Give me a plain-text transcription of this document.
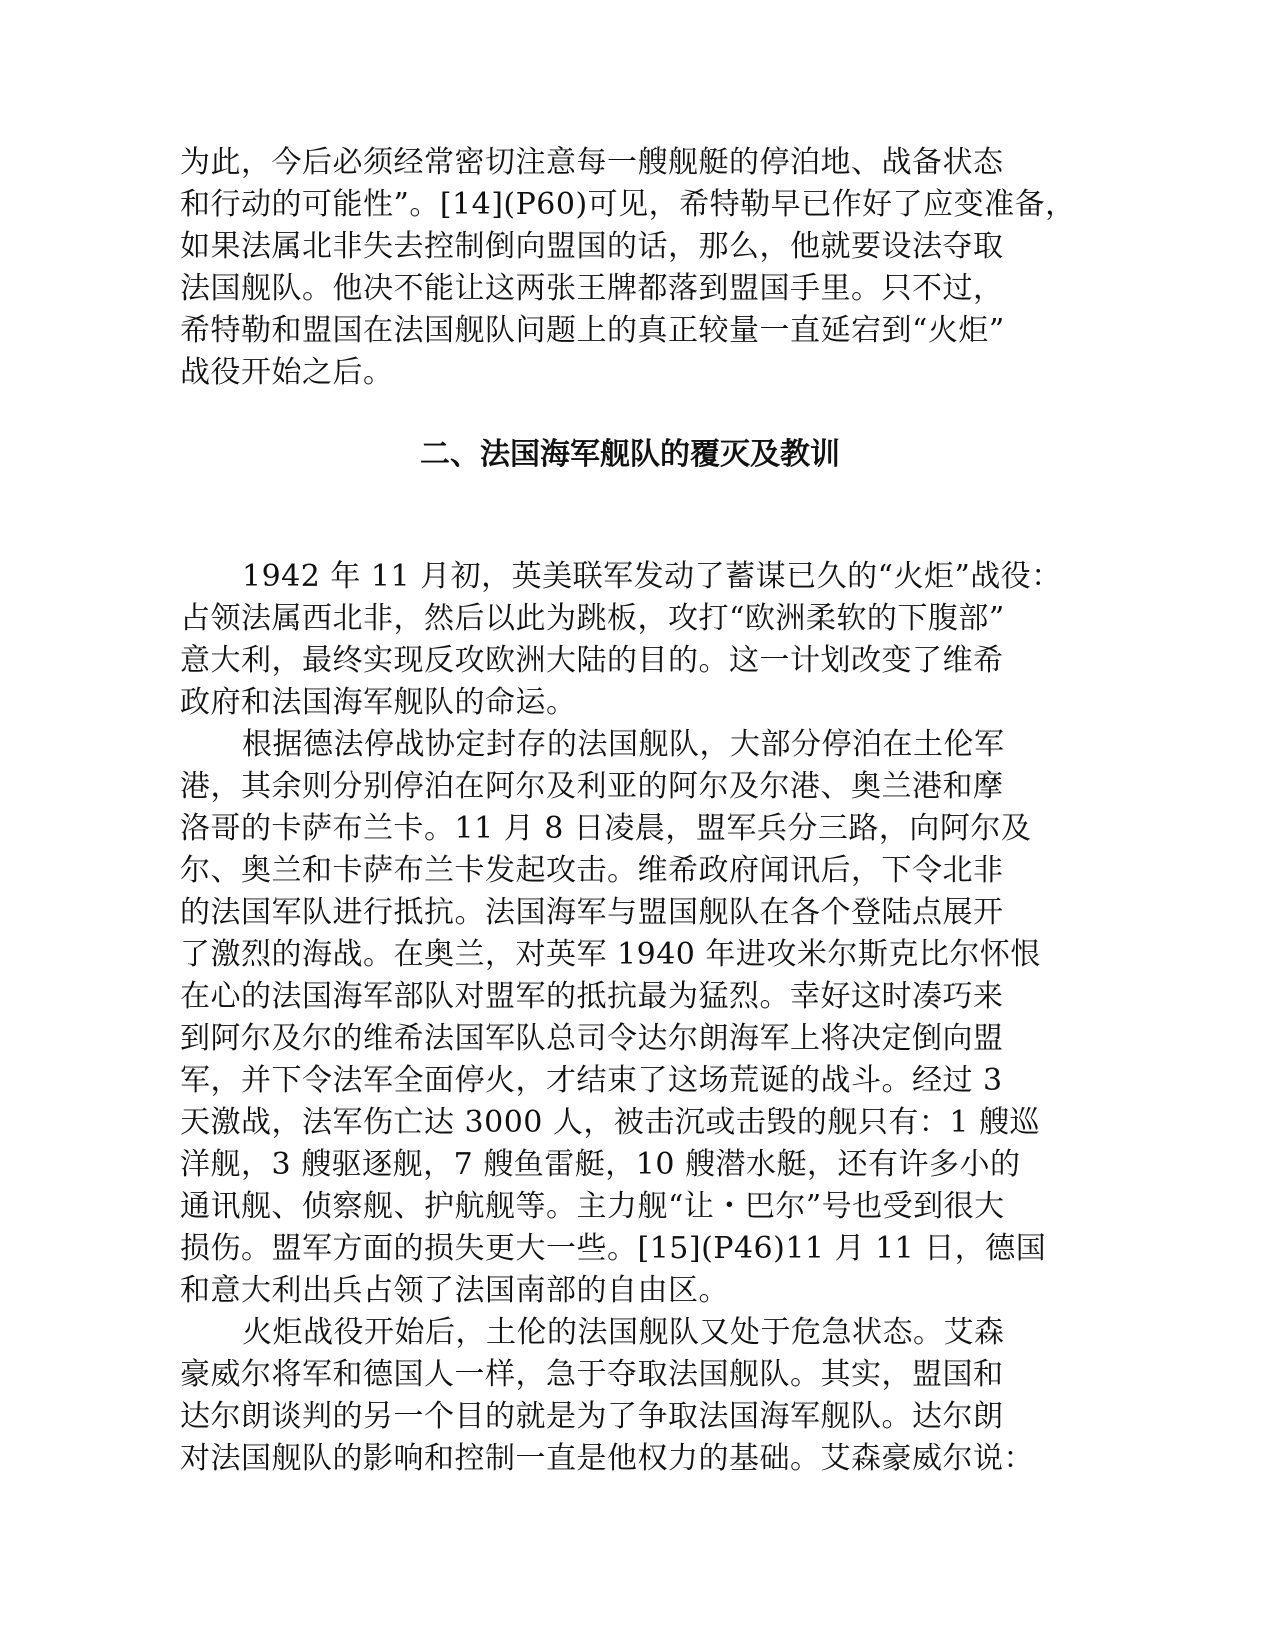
为此，今后必须经常密切注意每一艘舰艇的停泊地、战备状态
和行动的可能性”。[14](P60)可见，希特勒早已作好了应变准备，
如果法属北非失去控制倒向盟国的话，那么，他就要设法夺取
法国舰队。他决不能让这两张王牌都落到盟国手里。只不过，
希特勒和盟国在法国舰队问题上的真正较量一直延宕到“火炬”
战役开始之后。
二、法国海军舰队的覆灭及教训
1942 年 11 月初，英美联军发动了蓄谋已久的“火炬”战役：
占领法属西北非，然后以此为跳板，攻打“欧洲柔软的下腹部”
意大利，最终实现反攻欧洲大陆的目的。这一计划改变了维希
政府和法国海军舰队的命运。
根据德法停战协定封存的法国舰队，大部分停泊在土伦军
港，其余则分别停泊在阿尔及利亚的阿尔及尔港、奥兰港和摩
洛哥的卡萨布兰卡。11 月 8 日凌晨，盟军兵分三路，向阿尔及
尔、奥兰和卡萨布兰卡发起攻击。维希政府闻讯后，下令北非
的法国军队进行抵抗。法国海军与盟国舰队在各个登陆点展开
了激烈的海战。在奥兰，对英军 1940 年进攻米尔斯克比尔怀恨
在心的法国海军部队对盟军的抵抗最为猛烈。幸好这时凑巧来
到阿尔及尔的维希法国军队总司令达尔朗海军上将决定倒向盟
军，并下令法军全面停火，才结束了这场荒诞的战斗。经过 3
天激战，法军伤亡达 3000 人，被击沉或击毁的舰只有：1 艘巡
洋舰，3 艘驱逐舰，7 艘鱼雷艇，10 艘潜水艇，还有许多小的
通讯舰、侦察舰、护航舰等。主力舰“让・巴尔”号也受到很大
损伤。盟军方面的损失更大一些。[15](P46)11 月 11 日，德国
和意大利出兵占领了法国南部的自由区。
火炬战役开始后，土伦的法国舰队又处于危急状态。艾森
豪威尔将军和德国人一样，急于夺取法国舰队。其实，盟国和
达尔朗谈判的另一个目的就是为了争取法国海军舰队。达尔朗
对法国舰队的影响和控制一直是他权力的基础。艾森豪威尔说：
